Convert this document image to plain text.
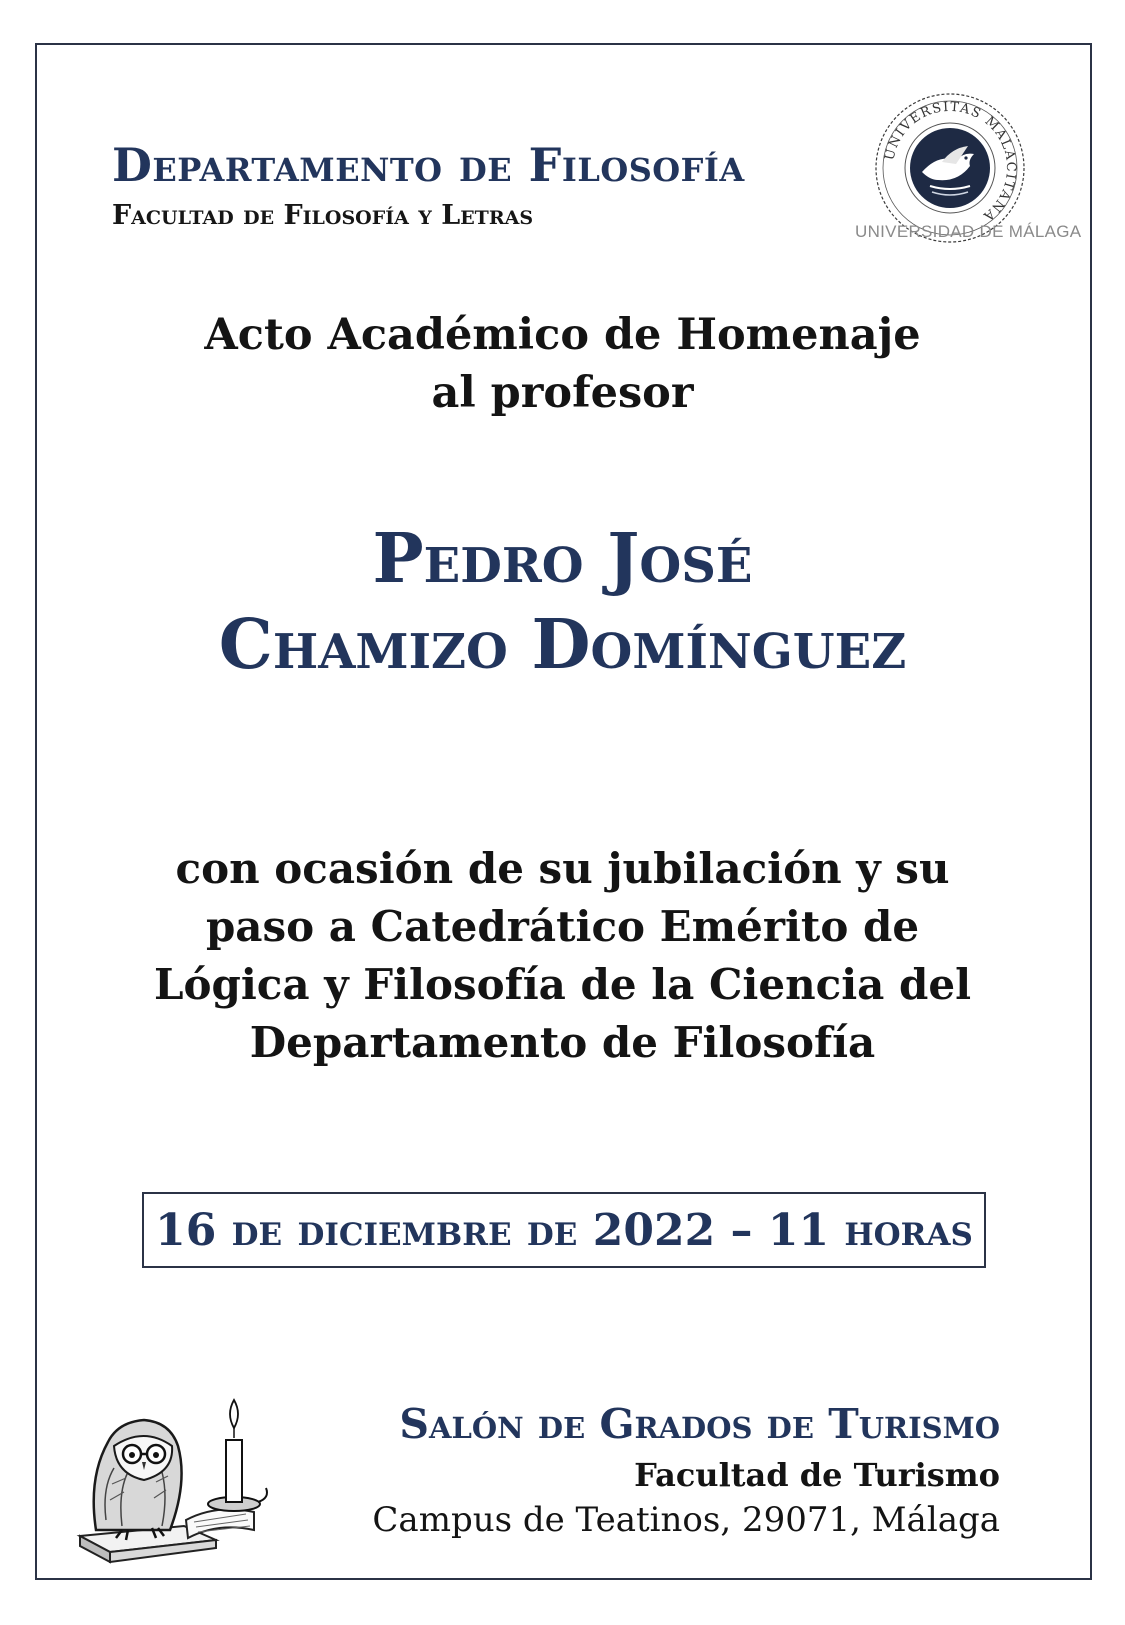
Departamento de Filosofía
Facultad de Filosofía y Letras
UNIVERSITAS MALACITANA
UNIVERSIDAD DE MÁLAGA
Acto Académico de Homenaje
al profesor
Pedro José
Chamizo Domínguez
con ocasión de su jubilación y su
paso a Catedrático Emérito de
Lógica y Filosofía de la Ciencia del
Departamento de Filosofía
16 de diciembre de 2022 – 11 horas
Salón de Grados de Turismo
Facultad de Turismo
Campus de Teatinos, 29071, Málaga
